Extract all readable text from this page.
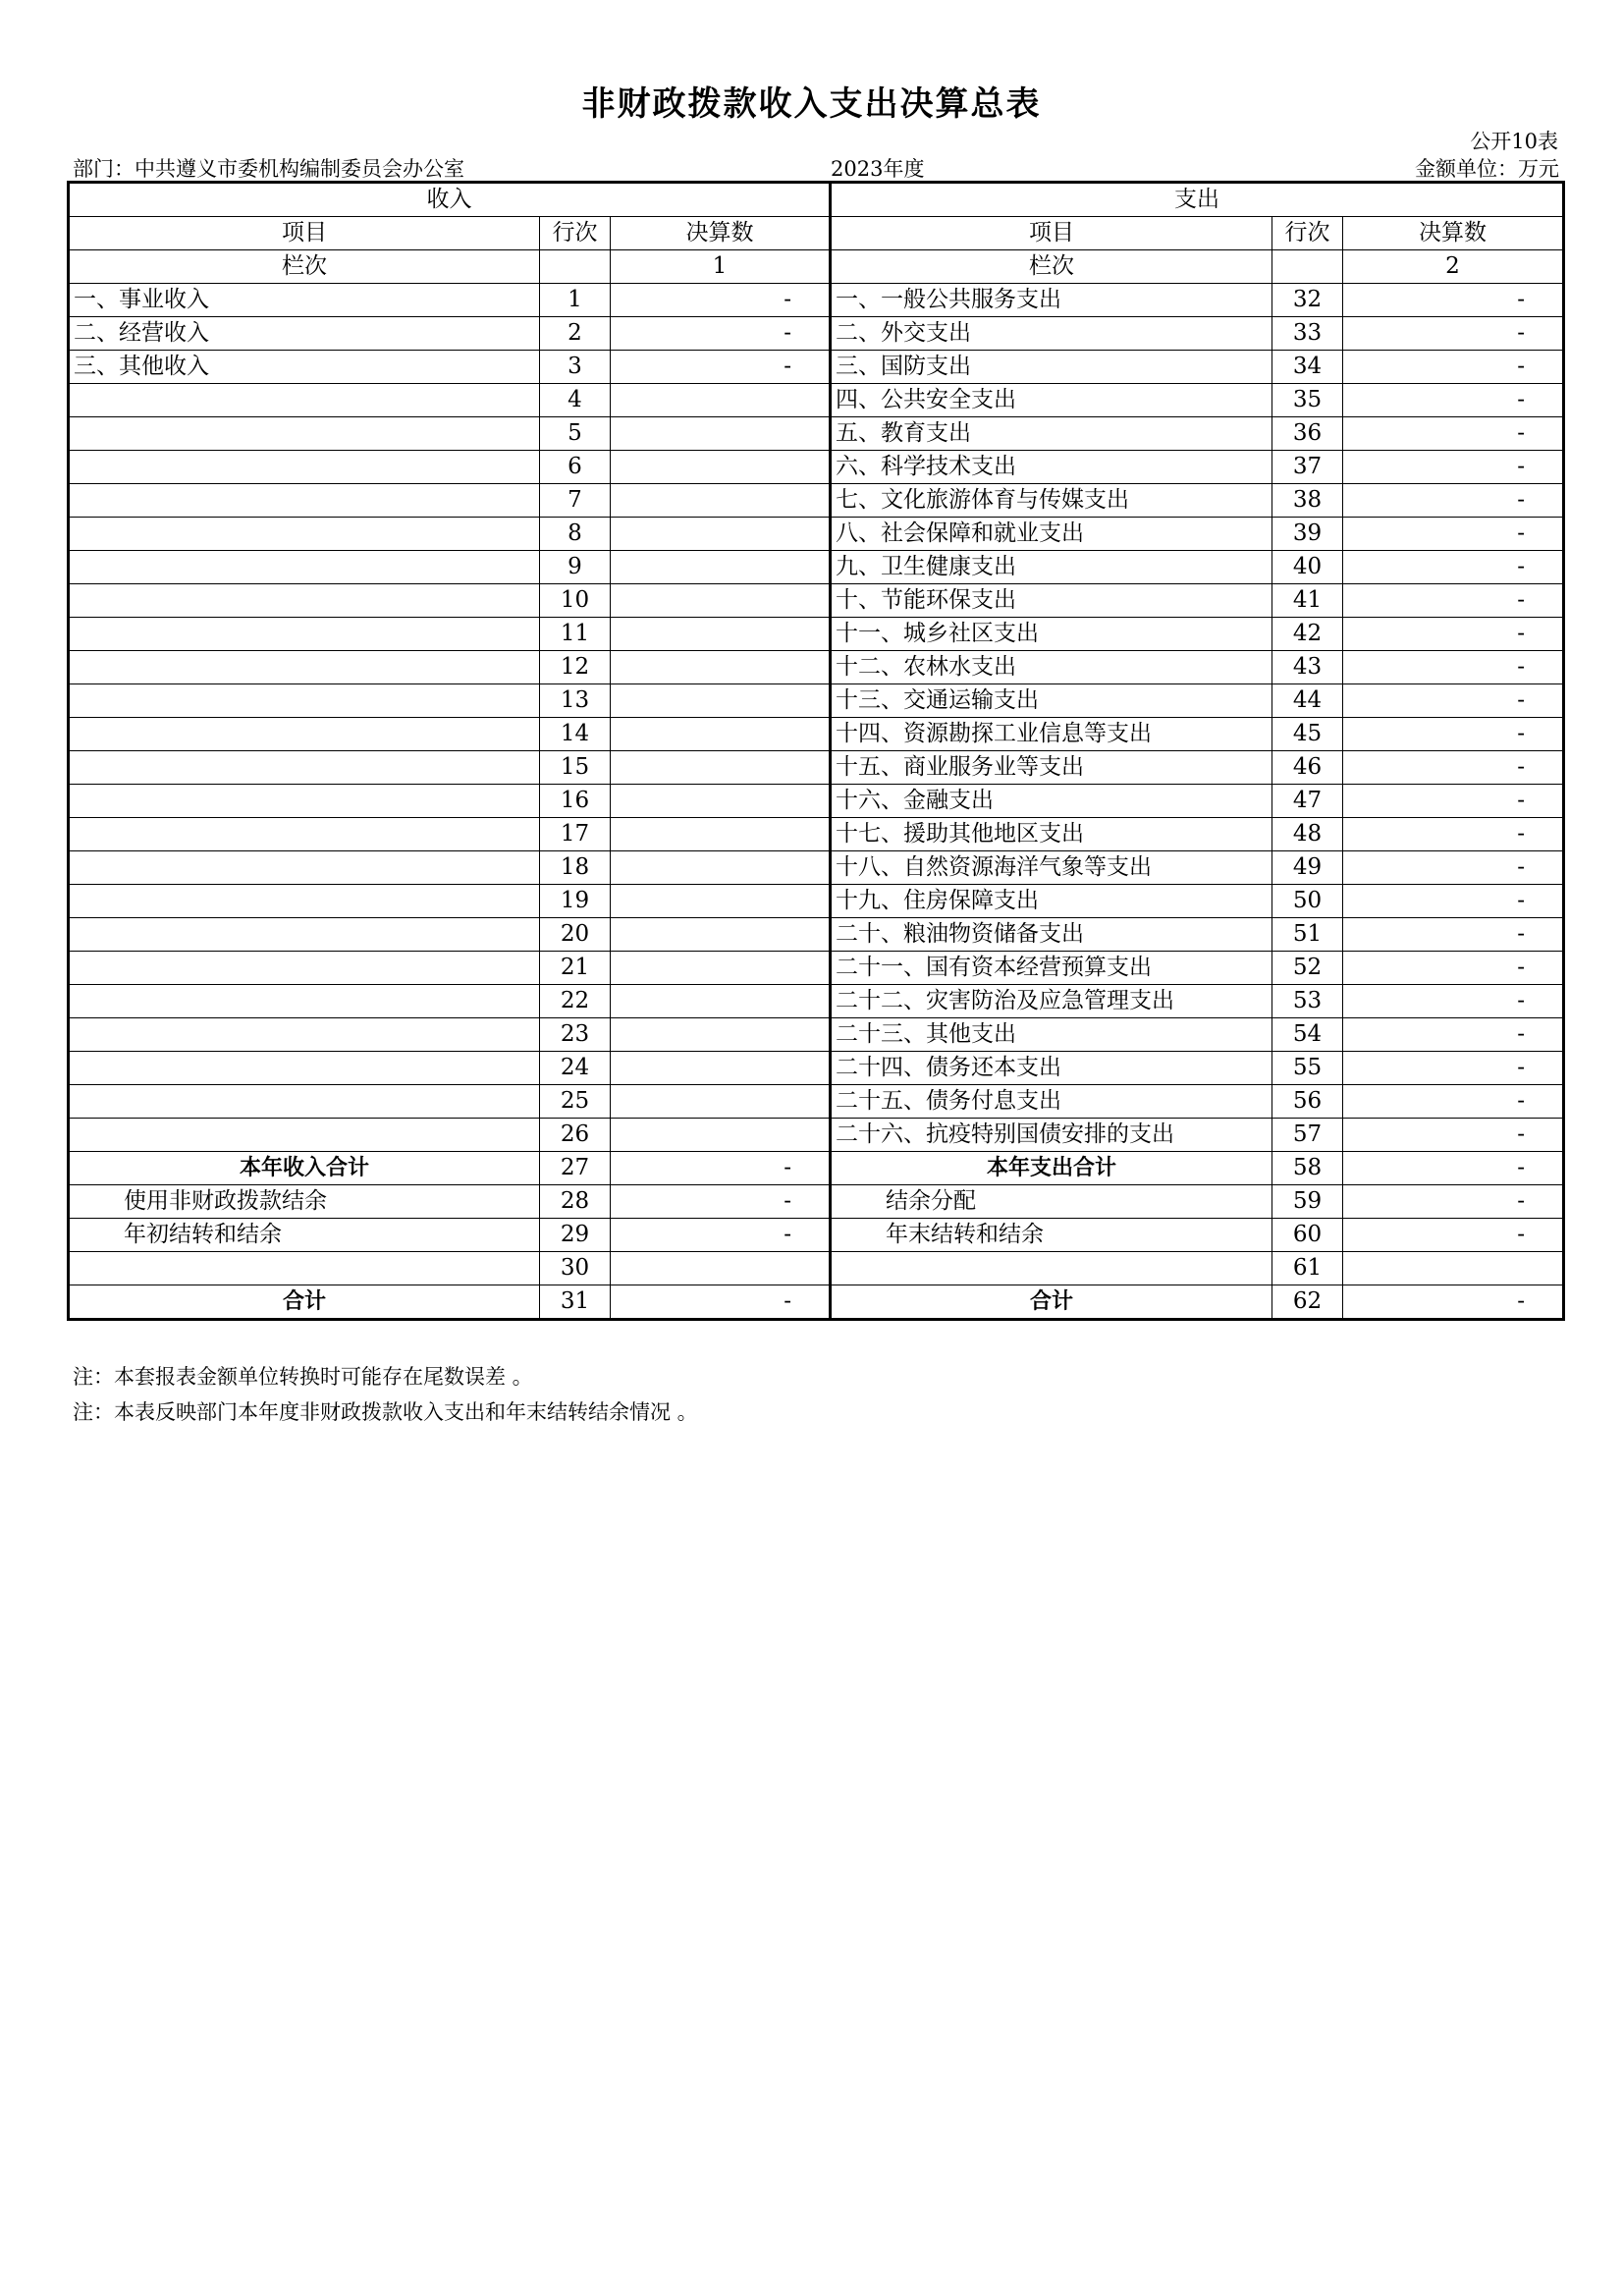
非财政拨款收入支出决算总表
公开10表
部门：中共遵义市委机构编制委员会办公室	2023年度	金额单位：万元
收入			支出		
项目	行次	决算数	项目	行次	决算数
栏次		1	栏次		2
一、事业收入	1	-	一、一般公共服务支出	32	-
二、经营收入	2	-	二、外交支出	33	-
三、其他收入	3	-	三、国防支出	34	-
	4		四、公共安全支出	35	-
	5		五、教育支出	36	-
	6		六、科学技术支出	37	-
	7		七、文化旅游体育与传媒支出	38	-
	8		八、社会保障和就业支出	39	-
	9		九、卫生健康支出	40	-
	10		十、节能环保支出	41	-
	11		十一、城乡社区支出	42	-
	12		十二、农林水支出	43	-
	13		十三、交通运输支出	44	-
	14		十四、资源勘探工业信息等支出	45	-
	15		十五、商业服务业等支出	46	-
	16		十六、金融支出	47	-
	17		十七、援助其他地区支出	48	-
	18		十八、自然资源海洋气象等支出	49	-
	19		十九、住房保障支出	50	-
	20		二十、粮油物资储备支出	51	-
	21		二十一、国有资本经营预算支出	52	-
	22		二十二、灾害防治及应急管理支出	53	-
	23		二十三、其他支出	54	-
	24		二十四、债务还本支出	55	-
	25		二十五、债务付息支出	56	-
	26		二十六、抗疫特别国债安排的支出	57	-
本年收入合计	27	-	本年支出合计	58	-
使用非财政拨款结余	28	-	结余分配	59	-
年初结转和结余	29	-	年末结转和结余	60	-
	30			61	
合计	31	-	合计	62	-
注：本套报表金额单位转换时可能存在尾数误差 。
注：本表反映部门本年度非财政拨款收入支出和年末结转结余情况 。
